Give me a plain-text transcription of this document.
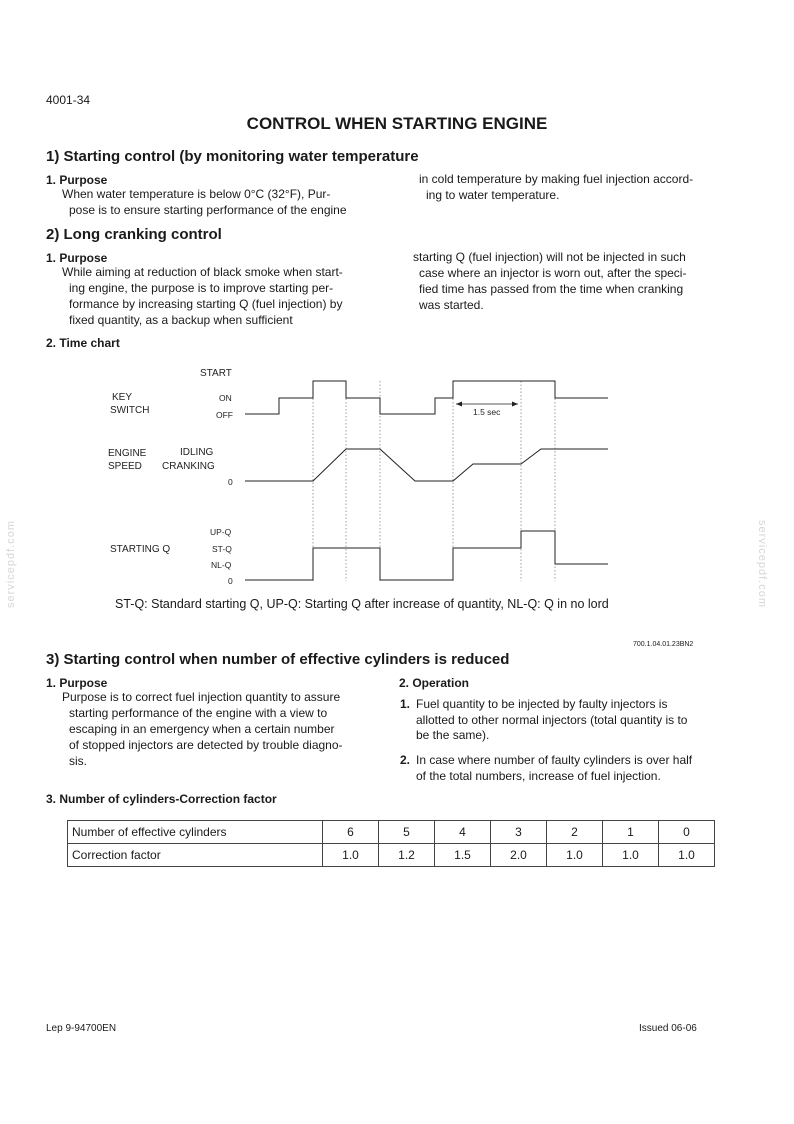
4001-34
CONTROL WHEN STARTING ENGINE
1) Starting control (by monitoring water temperature
1. Purpose
When water temperature is below 0°C (32°F), Pur-
pose is to ensure starting performance of the engine
in cold temperature by making fuel injection accord-
ing to water temperature.
2) Long cranking control
1. Purpose
While aiming at reduction of black smoke when start-
ing engine, the purpose is to improve starting per-
formance by increasing starting Q (fuel injection) by
fixed quantity, as a backup when sufficient
starting Q (fuel injection) will not be injected in such
case where an injector is worn out, after the speci-
fied time has passed from the time when cranking
was started.
2. Time chart
START
KEY
SWITCH
ON
OFF	1.5 sec
ENGINE
SPEED
IDLING
CRANKING
0
STARTING Q
UP-Q
ST-Q
NL-Q
0
ST-Q: Standard starting Q, UP-Q: Starting Q after increase of quantity, NL-Q: Q in no lord
700.1.04.01.23BN2
3) Starting control when number of effective cylinders is reduced
1. Purpose
Purpose is to correct fuel injection quantity to assure
starting performance of the engine with a view to
escaping in an emergency when a certain number
of stopped injectors are detected by trouble diagno-
sis.
2. Operation
1. Fuel quantity to be injected by faulty injectors is
allotted to other normal injectors (total quantity is to
be the same).
2. In case where number of faulty cylinders is over half
of the total numbers, increase of fuel injection.
3. Number of cylinders-Correction factor
Number of effective cylinders	6	5	4	3	2	1	0
Correction factor	1.0	1.2	1.5	2.0	1.0	1.0	1.0
servicepdf.com	servicepdf.com
Lep 9-94700EN	Issued 06-06
